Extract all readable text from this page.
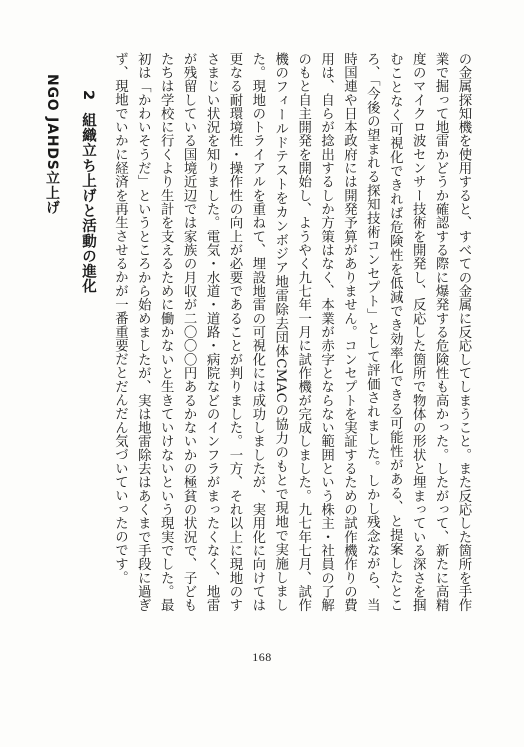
の金属探知機を使用すると、すべての金属に反応してしまうこと。また反応した箇所を手作業で掘って地雷かどうか確認する際に爆発する危険性も高かった。したがって、新たに高精度のマイクロ波センサー技術を開発し、反応した箇所で物体の形状と埋まっている深さを掴むことなく可視化できれば危険性を低減でき効率化できる可能性がある、と提案したところ、「今後の望まれる探知技術コンセプト」として評価されました。しかし残念ながら、当時国連や日本政府には開発予算がありません。コンセプトを実証するための試作機作りの費用は、自らが捻出するしか方策はなく、本業が赤字とならない範囲という株主・社員の了解のもと自主開発を開始し、ようやく九七年一月に試作機が完成しました。九七年七月、試作機のフィールドテストをカンボジア地雷除去団体CMACの協力のもとで現地で実施しました。現地のトライアルを重ねて、埋設地雷の可視化には成功しましたが、実用化に向けては更なる耐環境性・操作性の向上が必要であることが判りました。一方、それ以上に現地のすさまじい状況を知りました。電気・水道・道路・病院などのインフラがまったくなく、地雷が残留している国境近辺では家族の月収が二〇〇〇円あるかないかの極貧の状況で、子どもたちは学校に行くより生計を支えるために働かないと生きていけないという現実でした。最初は「かわいそうだ」というところから始めましたが、実は地雷除去はあくまで手段に過ぎず、現地でいかに経済を再生させるかが一番重要だとだんだん気づいていったのです。

2組織立ち上げと活動の進化
NGO JAHDS立上げ
168
